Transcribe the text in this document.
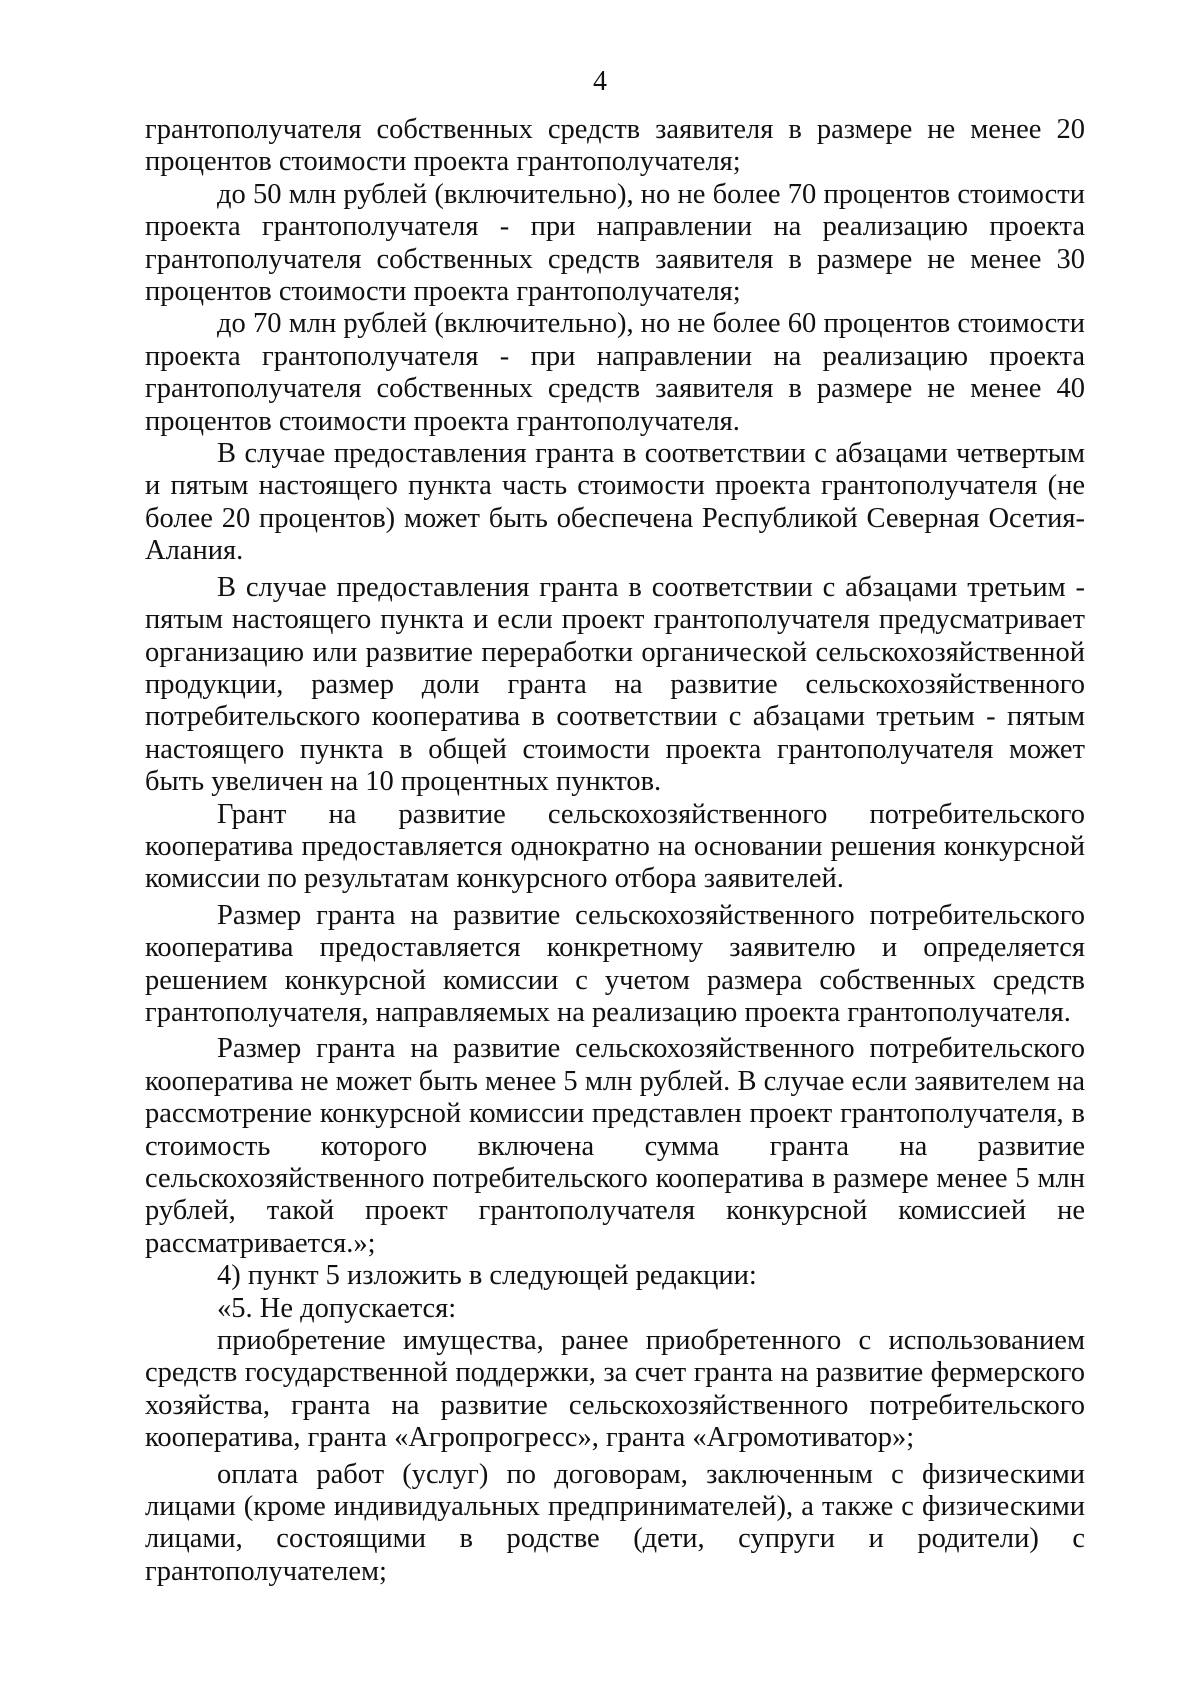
4

грантополучателя собственных средств заявителя в размере не менее 20 процентов стоимости проекта грантополучателя;

до 50 млн рублей (включительно), но не более 70 процентов стоимости проекта грантополучателя - при направлении на реализацию проекта грантополучателя собственных средств заявителя в размере не менее 30 процентов стоимости проекта грантополучателя;

до 70 млн рублей (включительно), но не более 60 процентов стоимости проекта грантополучателя - при направлении на реализацию проекта грантополучателя собственных средств заявителя в размере не менее 40 процентов стоимости проекта грантополучателя.

В случае предоставления гранта в соответствии с абзацами четвертым и пятым настоящего пункта часть стоимости проекта грантополучателя (не более 20 процентов) может быть обеспечена Республикой Северная Осетия-Алания.

В случае предоставления гранта в соответствии с абзацами третьим - пятым настоящего пункта и если проект грантополучателя предусматривает организацию или развитие переработки органической сельскохозяйственной продукции, размер доли гранта на развитие сельскохозяйственного потребительского кооператива в соответствии с абзацами третьим - пятым настоящего пункта в общей стоимости проекта грантополучателя может быть увеличен на 10 процентных пунктов.

Грант на развитие сельскохозяйственного потребительского кооператива предоставляется однократно на основании решения конкурсной комиссии по результатам конкурсного отбора заявителей.

Размер гранта на развитие сельскохозяйственного потребительского кооператива предоставляется конкретному заявителю и определяется решением конкурсной комиссии с учетом размера собственных средств грантополучателя, направляемых на реализацию проекта грантополучателя.

Размер гранта на развитие сельскохозяйственного потребительского кооператива не может быть менее 5 млн рублей. В случае если заявителем на рассмотрение конкурсной комиссии представлен проект грантополучателя, в стоимость которого включена сумма гранта на развитие сельскохозяйственного потребительского кооператива в размере менее 5 млн рублей, такой проект грантополучателя конкурсной комиссией не рассматривается.»;

4) пункт 5 изложить в следующей редакции:

«5. Не допускается:

приобретение имущества, ранее приобретенного с использованием средств государственной поддержки, за счет гранта на развитие фермерского хозяйства, гранта на развитие сельскохозяйственного потребительского кооператива, гранта «Агропрогресс», гранта «Агромотиватор»;

оплата работ (услуг) по договорам, заключенным с физическими лицами (кроме индивидуальных предпринимателей), а также с физическими лицами, состоящими в родстве (дети, супруги и родители) с грантополучателем;
